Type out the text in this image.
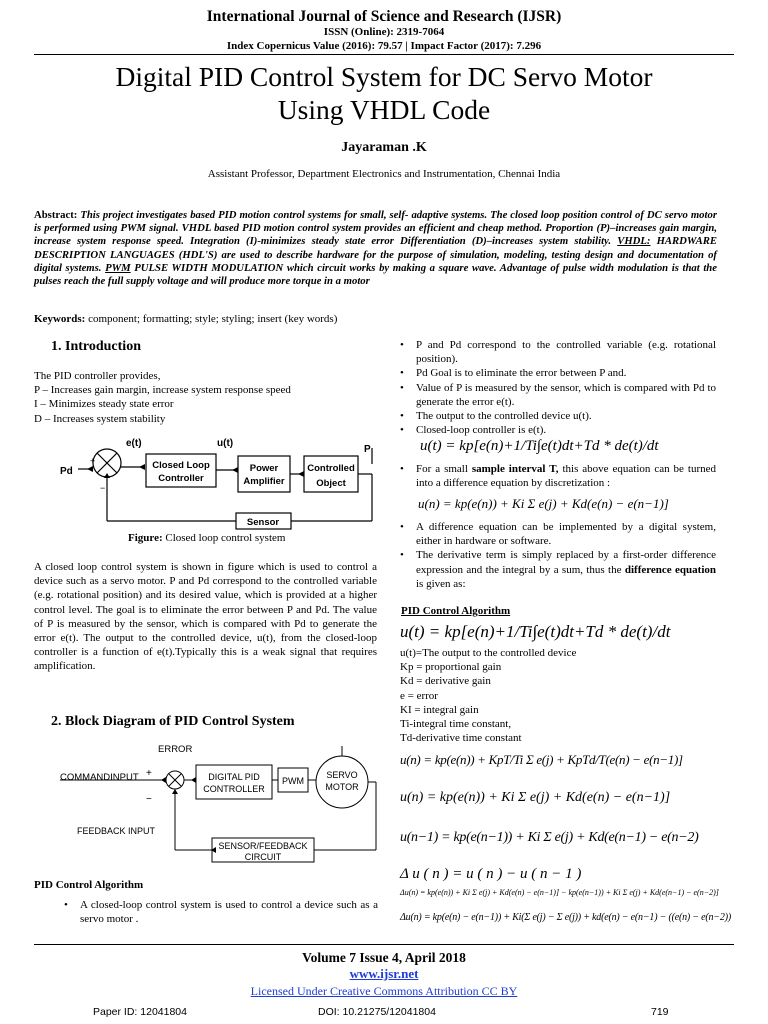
International Journal of Science and Research (IJSR)
ISSN (Online): 2319-7064
Index Copernicus Value (2016): 79.57 | Impact Factor (2017): 7.296
Digital PID Control System for DC Servo Motor
Using VHDL Code
Jayaraman .K
Assistant Professor, Department Electronics and Instrumentation, Chennai India
Abstract: This project investigates based PID motion control systems for small, self- adaptive systems. The closed loop position control of DC servo motor is performed using PWM signal. VHDL based PID motion control system provides an efficient and cheap method. Proportion (P)–increases gain margin, increase system response speed. Integration (I)-minimizes steady state error Differentiation (D)–increases system stability. VHDL: HARDWARE DESCRIPTION LANGUAGES (HDL'S) are used to describe hardware for the purpose of simulation, modeling, testing design and documentation of digital systems. PWM PULSE WIDTH MODULATION which circuit works by making a square wave. Advantage of pulse width modulation is that the pulses reach the full supply voltage and will produce more torque in a motor
Keywords: component; formatting; style; styling; insert (key words)
1. Introduction
The PID controller provides,
P – Increases gain margin, increase system response speed
I – Minimizes steady state error
D – Increases system stability
e(t)	u(t)
P
Pd
+
−
Closed Loop
Controller
Power
Amplifier
Controlled
Object
Sensor
Figure: Closed loop control system
A closed loop control system is shown in figure which is used to control a device such as a servo motor. P and Pd correspond to the controlled variable (e.g. rotational position) and its desired value, which is provided at a higher control level. The goal is to eliminate the error between P and Pd. The value of P is measured by the sensor, which is compared with Pd to generate the error e(t). The output to the controlled device, u(t), from the closed-loop controller is a function of e(t).Typically this is a weak signal that requires amplification.
2. Block Diagram of PID Control System
ERROR
COMMANDINPUT +
−
DIGITAL PID
CONTROLLER
PWM
SERVO
MOTOR
FEEDBACK INPUT
SENSOR/FEEDBACK
CIRCUIT
PID Control Algorithm
• A closed-loop control system is used to control a device such as a servo motor .
• P and Pd correspond to the controlled variable (e.g. rotational position).
• Pd Goal is to eliminate the error between P and.
• Value of P is measured by the sensor, which is compared with Pd to generate the error e(t).
• The output to the controlled device u(t).
• Closed-loop controller is e(t).
u(t) = kp[e(n)+1/Ti∫e(t)dt+Td * de(t)/dt
• For a small sample interval T, this above equation can be turned into a difference equation by discretization :
u(n) = kp(e(n)) + Ki Σ e(j) + Kd(e(n) − e(n−1)]
• A difference equation can be implemented by a digital system, either in hardware or software.
• The derivative term is simply replaced by a first-order difference expression and the integral by a sum, thus the difference equation is given as:
PID Control Algorithm
u(t) = kp[e(n)+1/Ti∫e(t)dt+Td * de(t)/dt
u(t)=The output to the controlled device
Kp = proportional gain
Kd = derivative gain
e = error
KI = integral gain
Ti-integral time constant,
Td-derivative time constant
u(n) = kp(e(n)) + KpT/Ti Σ e(j) + KpTd/T(e(n) − e(n−1)]
u(n) = kp(e(n)) + Ki Σ e(j) + Kd(e(n) − e(n−1)]
u(n−1) = kp(e(n−1)) + Ki Σ e(j) + Kd(e(n−1) − e(n−2)
Δ u ( n ) = u ( n ) − u ( n − 1 )
Δu(n) = kp(e(n)) + Ki Σ e(j) + Kd(e(n) − e(n−1)] − kp(e(n−1)) + Ki Σ e(j) + Kd(e(n−1) − e(n−2)]
Δu(n) = kp(e(n) − e(n−1)) + Ki(Σ e(j) − Σ e(j)) + kd(e(n) − e(n−1) − ((e(n) − e(n−2))
Volume 7 Issue 4, April 2018
www.ijsr.net
Licensed Under Creative Commons Attribution CC BY
Paper ID: 12041804	DOI: 10.21275/12041804	719
